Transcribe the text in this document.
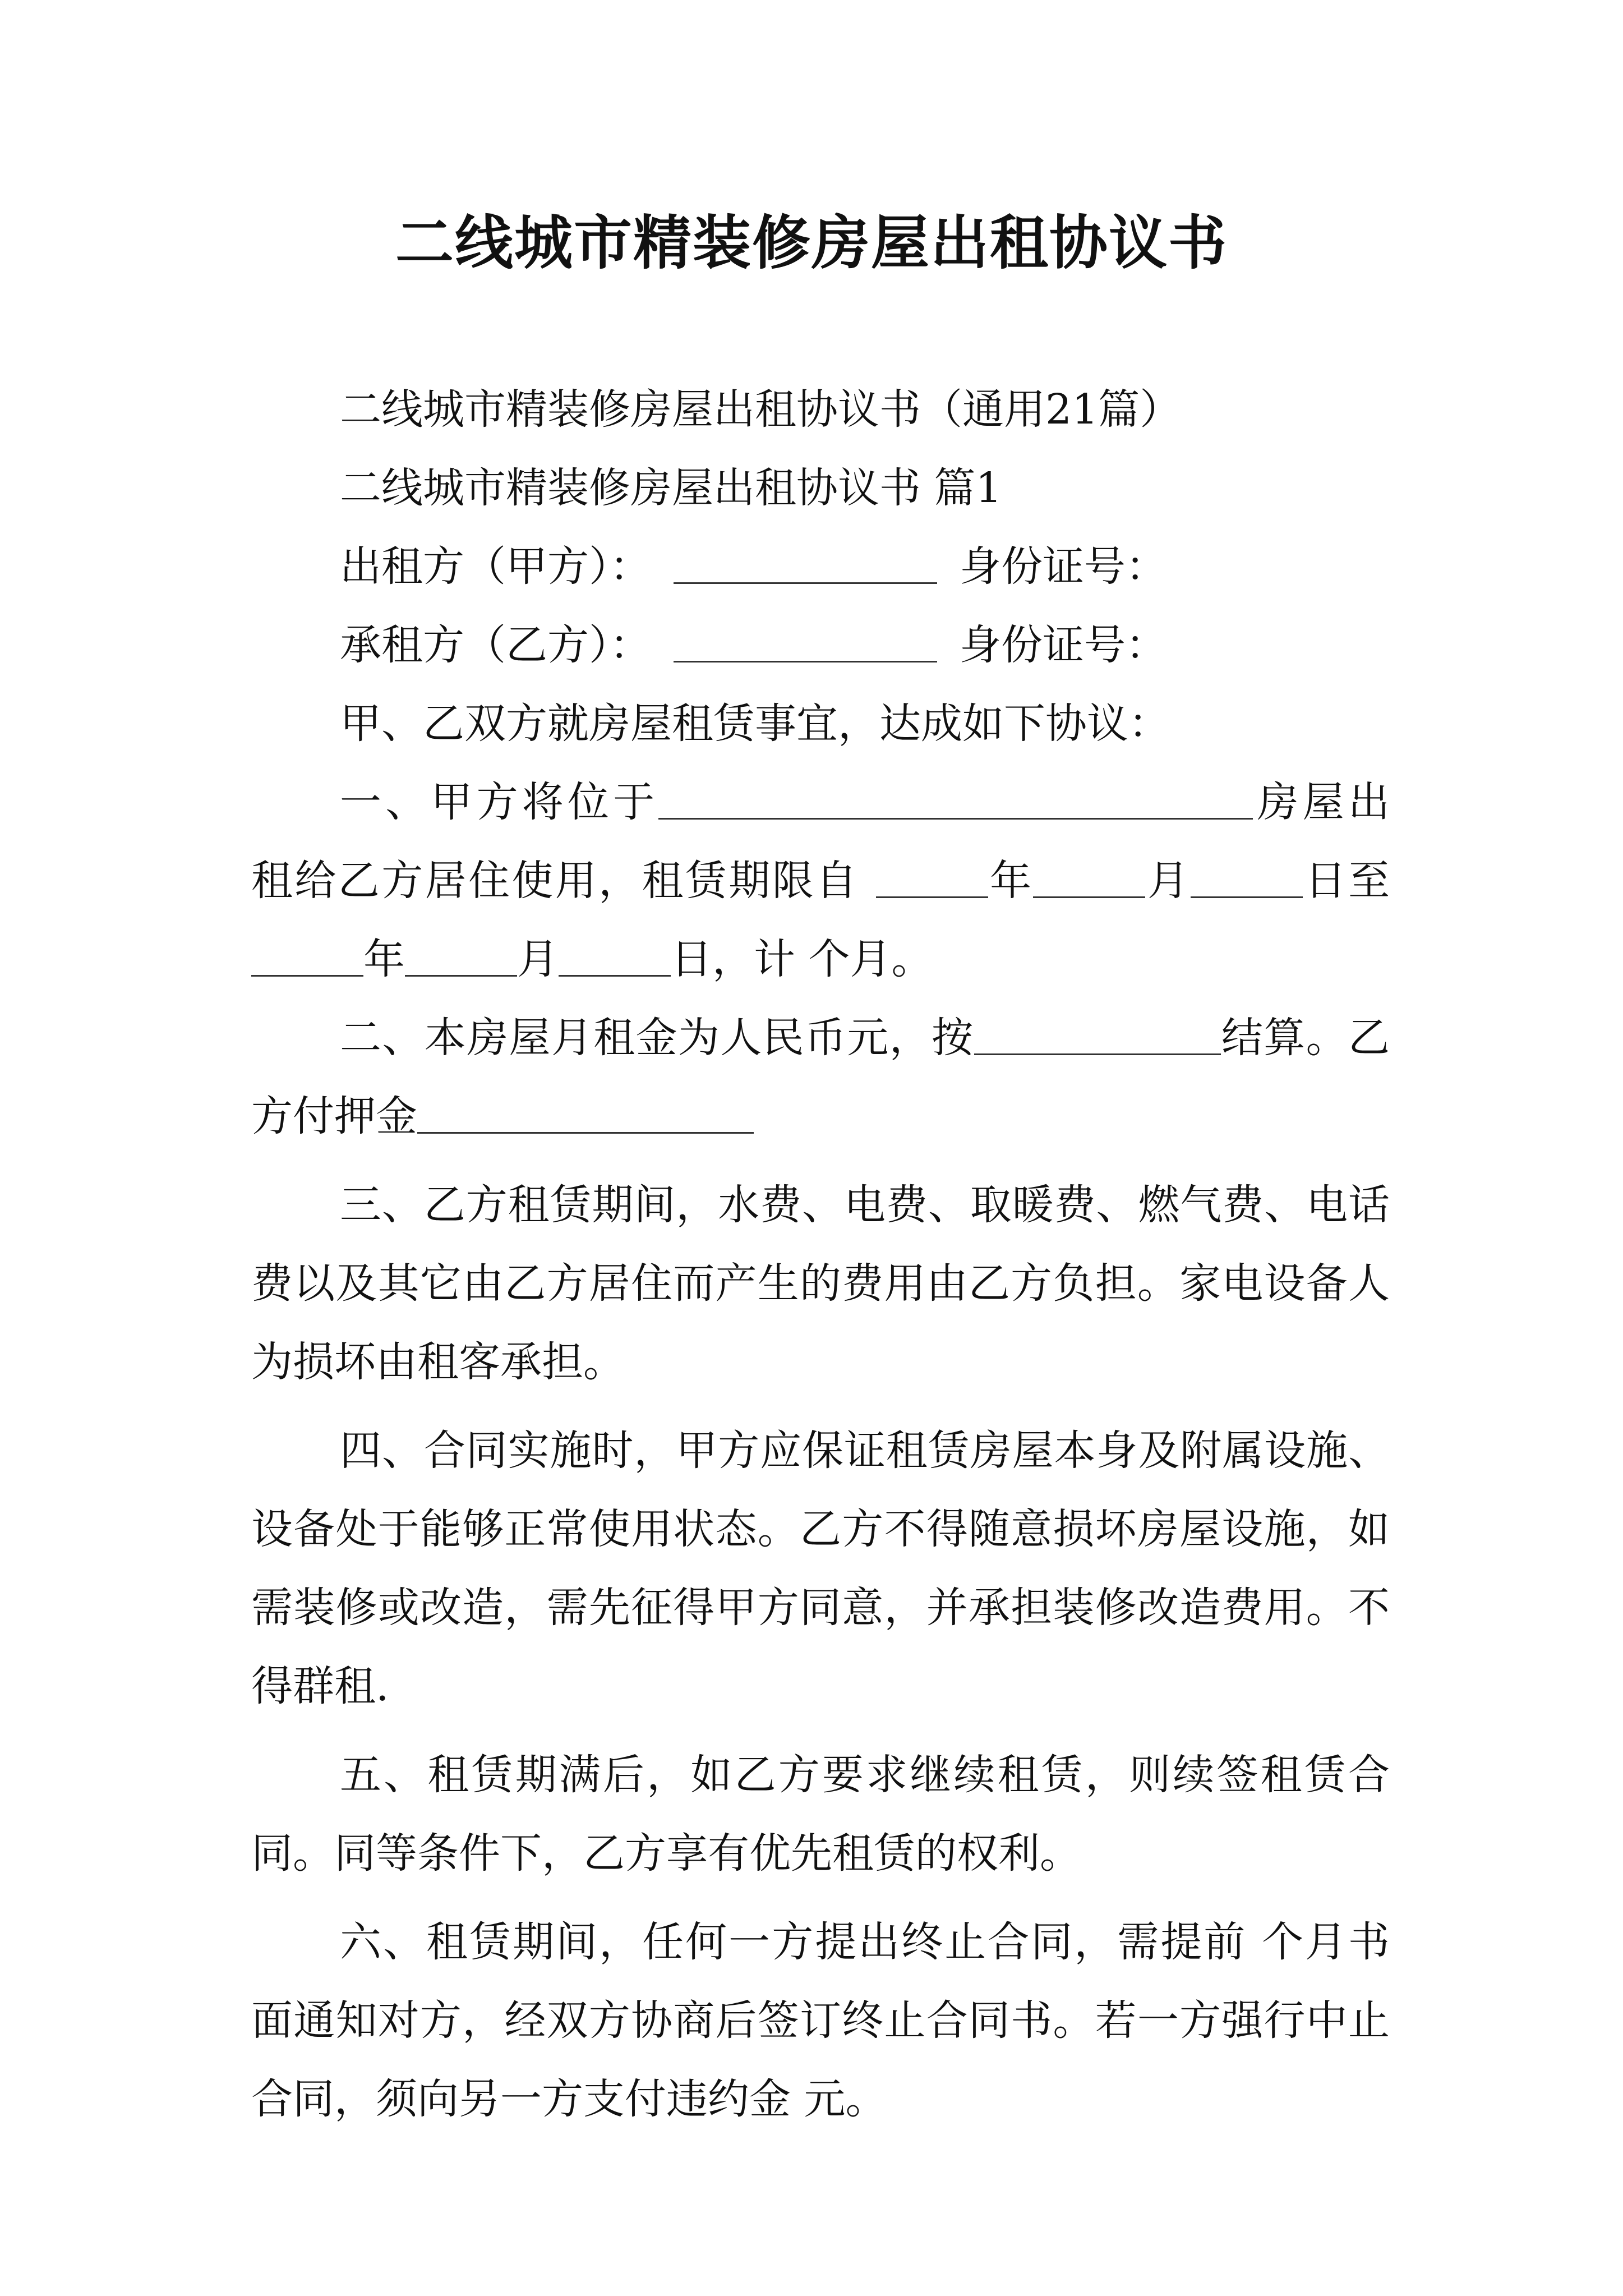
二线城市精装修房屋出租协议书

二线城市精装修房屋出租协议书（通用21篇）

二线城市精装修房屋出租协议书 篇1

出租方（甲方）：	身份证号：

承租方（乙方）：	身份证号：

甲、乙双方就房屋租赁事宜，达成如下协议：

一、甲方将位于	房屋出租给乙方居住使用，租赁期限自	年	月	日至年	月	日，计 个月。

二、本房屋月租金为人民币元，按	结算。乙方付押金

三、乙方租赁期间，水费、电费、取暖费、燃气费、电话费以及其它由乙方居住而产生的费用由乙方负担。家电设备人为损坏由租客承担。

四、合同实施时，甲方应保证租赁房屋本身及附属设施、设备处于能够正常使用状态。乙方不得随意损坏房屋设施，如需装修或改造，需先征得甲方同意，并承担装修改造费用。不得群租.

五、租赁期满后，如乙方要求继续租赁，则续签租赁合同。同等条件下，乙方享有优先租赁的权利。

六、租赁期间，任何一方提出终止合同，需提前 个月书面通知对方，经双方协商后签订终止合同书。若一方强行中止合同，须向另一方支付违约金 元。
